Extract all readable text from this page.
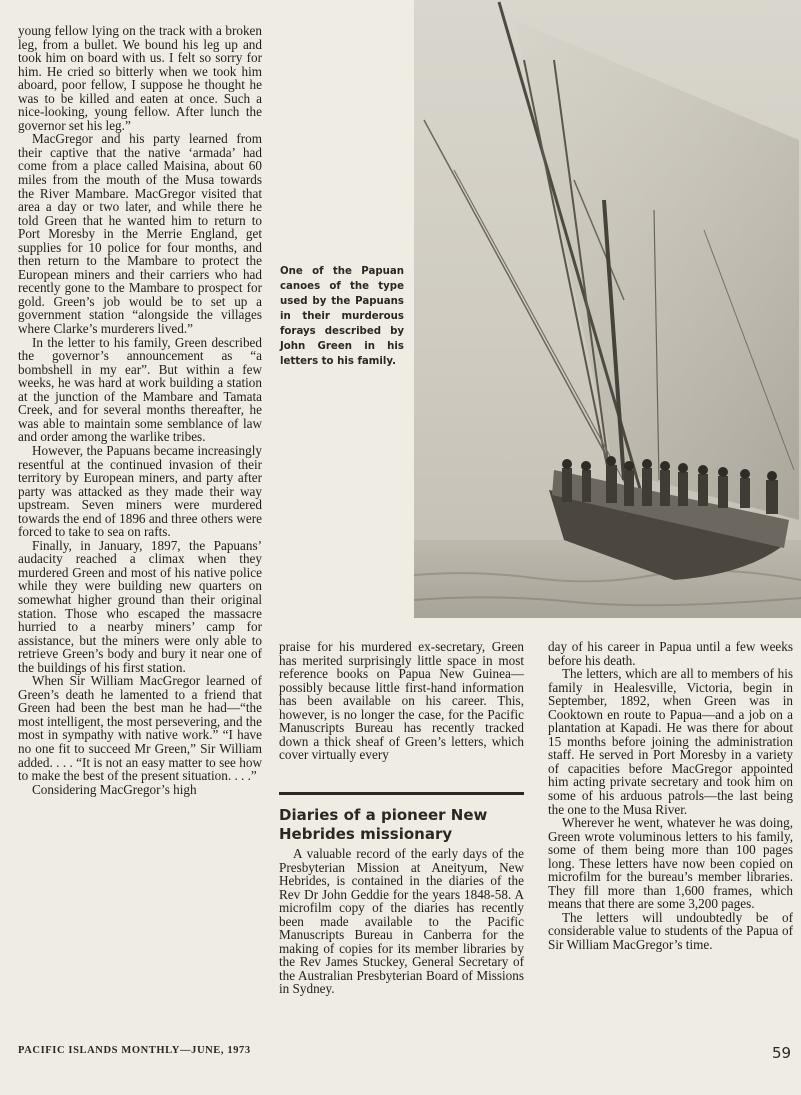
young fellow lying on the track with a broken leg, from a bullet. We bound his leg up and took him on board with us. I felt so sorry for him. He cried so bitterly when we took him aboard, poor fellow, I suppose he thought he was to be killed and eaten at once. Such a nice-looking, young fellow. After lunch the governor set his leg.”

MacGregor and his party learned from their captive that the native ‘armada’ had come from a place called Maisina, about 60 miles from the mouth of the Musa towards the River Mambare. MacGregor visited that area a day or two later, and while there he told Green that he wanted him to return to Port Moresby in the Merrie England, get supplies for 10 police for four months, and then return to the Mambare to protect the European miners and their carriers who had recently gone to the Mambare to prospect for gold. Green’s job would be to set up a government station “alongside the villages where Clarke’s murderers lived.”

In the letter to his family, Green described the governor’s announcement as “a bombshell in my ear”. But within a few weeks, he was hard at work building a station at the junction of the Mambare and Tamata Creek, and for several months thereafter, he was able to maintain some semblance of law and order among the warlike tribes.

However, the Papuans became increasingly resentful at the continued invasion of their territory by European miners, and party after party was attacked as they made their way upstream. Seven miners were murdered towards the end of 1896 and three others were forced to take to sea on rafts.

Finally, in January, 1897, the Papuans’ audacity reached a climax when they murdered Green and most of his native police while they were building new quarters on somewhat higher ground than their original station. Those who escaped the massacre hurried to a nearby miners’ camp for assistance, but the miners were only able to retrieve Green’s body and bury it near one of the buildings of his first station.

When Sir William MacGregor learned of Green’s death he lamented to a friend that Green had been the best man he had—“the most intelligent, the most persevering, and the most in sympathy with native work.” “I have no one fit to succeed Mr Green,” Sir William added. . . . “It is not an easy matter to see how to make the best of the present situation. . . .”

Considering MacGregor’s high

One of the Papuan canoes of the type used by the Papuans in their murderous forays described by John Green in his letters to his family.

praise for his murdered ex-secretary, Green has merited surprisingly little space in most reference books on Papua New Guinea—possibly because little first-hand information has been available on his career. This, however, is no longer the case, for the Pacific Manuscripts Bureau has recently tracked down a thick sheaf of Green’s letters, which cover virtually every

Diaries of a pioneer New Hebrides missionary

A valuable record of the early days of the Presbyterian Mission at Aneityum, New Hebrides, is contained in the diaries of the Rev Dr John Geddie for the years 1848-58. A microfilm copy of the diaries has recently been made available to the Pacific Manuscripts Bureau in Canberra for the making of copies for its member libraries by the Rev James Stuckey, General Secretary of the Australian Presbyterian Board of Missions in Sydney.

day of his career in Papua until a few weeks before his death.

The letters, which are all to members of his family in Healesville, Victoria, begin in September, 1892, when Green was in Cooktown en route to Papua—and a job on a plantation at Kapadi. He was there for about 15 months before joining the administration staff. He served in Port Moresby in a variety of capacities before MacGregor appointed him acting private secretary and took him on some of his arduous patrols—the last being the one to the Musa River.

Wherever he went, whatever he was doing, Green wrote voluminous letters to his family, some of them being more than 100 pages long. These letters have now been copied on microfilm for the bureau’s member libraries. They fill more than 1,600 frames, which means that there are some 3,200 pages.

The letters will undoubtedly be of considerable value to students of the Papua of Sir William MacGregor’s time.

PACIFIC ISLANDS MONTHLY—JUNE, 1973	59
